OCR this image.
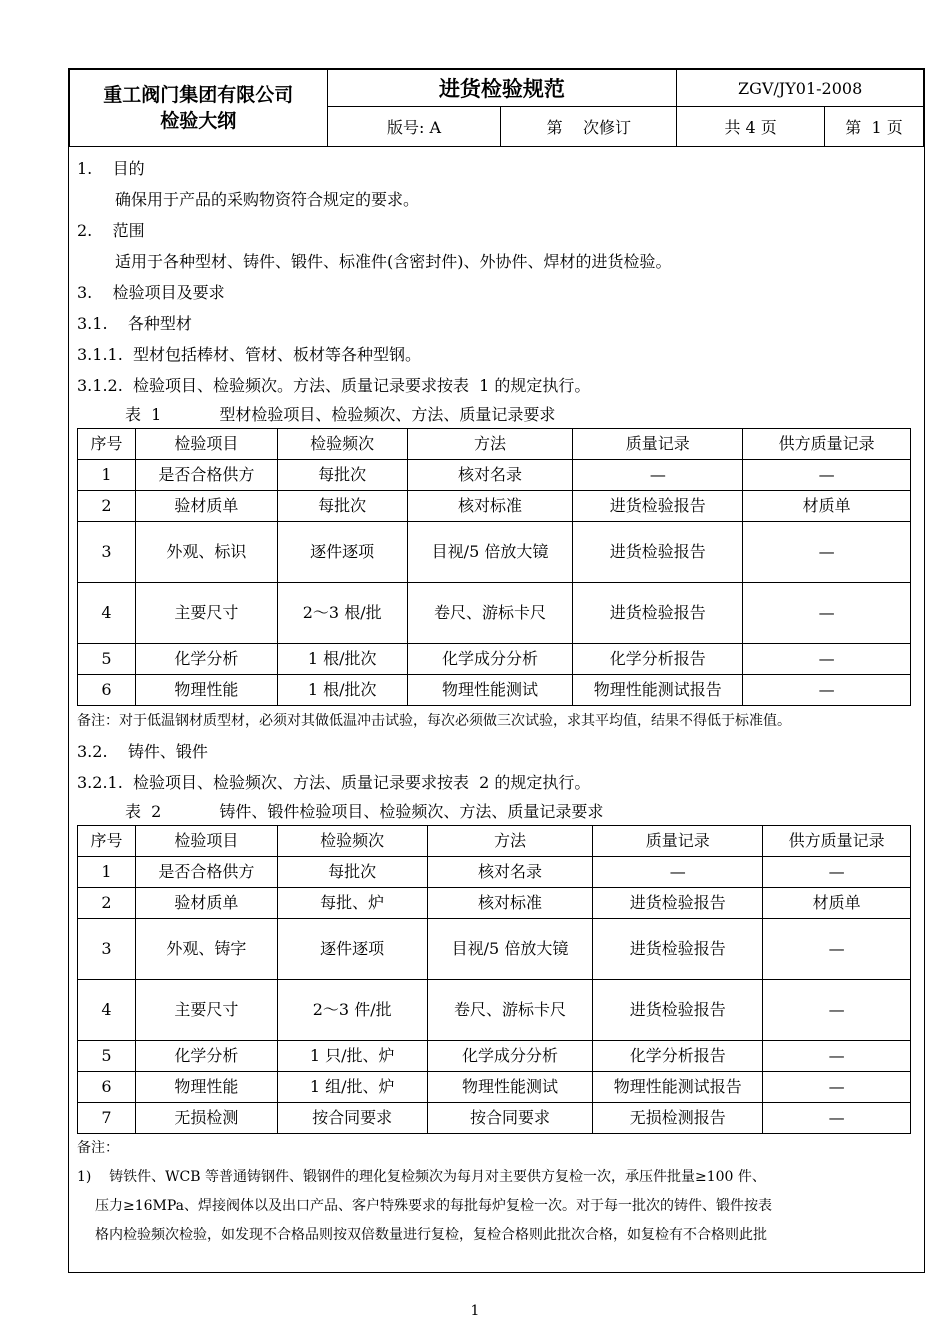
重工阀门集团有限公司
检验大纲	进货检验规范		ZGV/JY01-2008	
	版号: A	第    次修订	共 4 页	第  1 页
1.    目的
确保用于产品的采购物资符合规定的要求。
2.    范围
适用于各种型材、铸件、锻件、标准件(含密封件)、外协件、焊材的进货检验。
3.    检验项目及要求
3.1.    各种型材
3.1.1.  型材包括棒材、管材、板材等各种型钢。
3.1.2.  检验项目、检验频次。方法、质量记录要求按表  1 的规定执行。
表  1	型材检验项目、检验频次、方法、质量记录要求
序号	检验项目	检验频次	方法	质量记录	供方质量记录
1	是否合格供方	每批次	核对名录	—	—
2	验材质单	每批次	核对标准	进货检验报告	材质单
3	外观、标识	逐件逐项	目视/5 倍放大镜	进货检验报告	—
4	主要尺寸	2～3 根/批	卷尺、游标卡尺	进货检验报告	—
5	化学分析	1 根/批次	化学成分分析	化学分析报告	—
6	物理性能	1 根/批次	物理性能测试	物理性能测试报告	—
备注：对于低温钢材质型材，必须对其做低温冲击试验，每次必须做三次试验，求其平均值，结果不得低于标准值。
3.2.    铸件、锻件
3.2.1.  检验项目、检验频次、方法、质量记录要求按表  2 的规定执行。
表  2	铸件、锻件检验项目、检验频次、方法、质量记录要求
序号	检验项目	检验频次	方法	质量记录	供方质量记录
1	是否合格供方	每批次	核对名录	—	—
2	验材质单	每批、炉	核对标准	进货检验报告	材质单
3	外观、铸字	逐件逐项	目视/5 倍放大镜	进货检验报告	—
4	主要尺寸	2～3 件/批	卷尺、游标卡尺	进货检验报告	—
5	化学分析	1 只/批、炉	化学成分分析	化学分析报告	—
6	物理性能	1 组/批、炉	物理性能测试	物理性能测试报告	—
7	无损检测	按合同要求	按合同要求	无损检测报告	—
备注：
1)    铸铁件、WCB 等普通铸钢件、锻钢件的理化复检频次为每月对主要供方复检一次，承压件批量≥100 件、
压力≥16MPa、焊接阀体以及出口产品、客户特殊要求的每批每炉复检一次。对于每一批次的铸件、锻件按表
格内检验频次检验，如发现不合格品则按双倍数量进行复检，复检合格则此批次合格，如复检有不合格则此批
1
